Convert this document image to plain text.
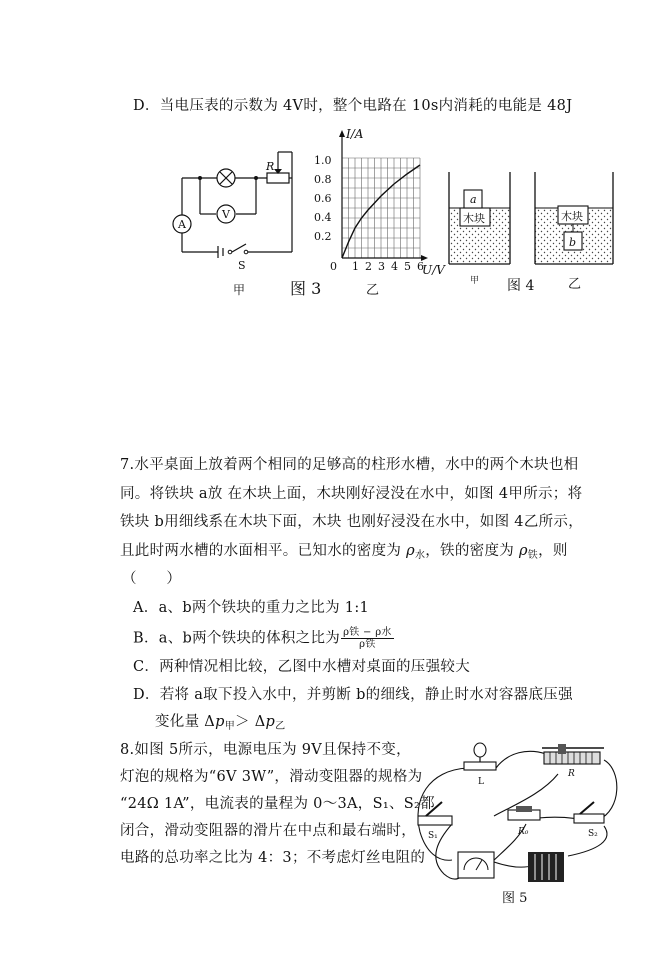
D．当电压表的示数为 4V时，整个电路在 10s内消耗的电能是 48J
A
V
R
S
甲	图 3
I/A
U/V
1.0
0.8
0.6
0.4
0.2
0 1 2 3 4 5 6
乙
a
木块
b
木块
甲 图 4	乙
7.水平桌面上放着两个相同的足够高的柱形水槽，水中的两个木块也相
同。将铁块 a放 在木块上面，木块刚好浸没在水中，如图 4甲所示；将
铁块 b用细线系在木块下面，木块 也刚好浸没在水中，如图 4乙所示，
且此时两水槽的水面相平。已知水的密度为 $\rho_水$，铁的密度为 $\rho_铁$，则
（　　）
A．a、b两个铁块的重力之比为 1:1
B．a、b两个铁块的体积之比为 $\frac{\text{ρ铁 − ρ水}}{\text{ρ铁}}$
C．两种情况相比较，乙图中水槽对桌面的压强较大
D．若将 a取下投入水中，并剪断 b的细线，静止时水对容器底压强
变化量 $\Delta p_甲> \Delta p_乙$
8.如图 5所示，电源电压为 9V且保持不变，
灯泡的规格为“6V 3W”，滑动变阻器的规格为
“24Ω 1A”，电流表的量程为 0～3A，S₁、S₂都
闭合，滑动变阻器的滑片在中点和最右端时，
电路的总功率之比为 4：3；不考虑灯丝电阻的
L
R
S₁	R₀	S₂
图 5
